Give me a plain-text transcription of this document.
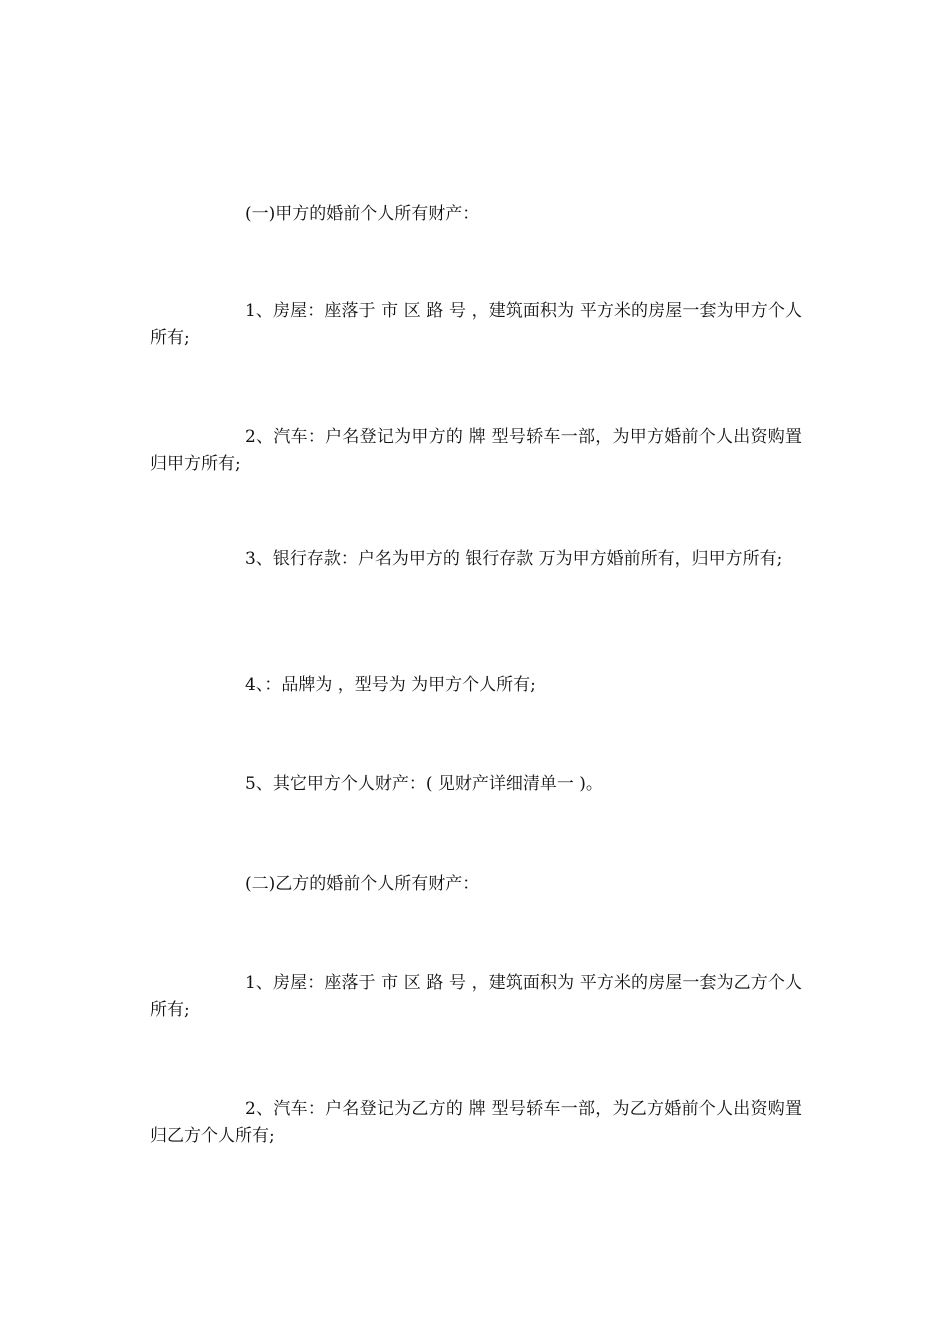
(一)甲方的婚前个人所有财产：

1、房屋：座落于 市 区 路 号 ，建筑面积为 平方米的房屋一套为甲方个人所有;

2、汽车：户名登记为甲方的 牌 型号轿车一部，为甲方婚前个人出资购置归甲方所有;

3、银行存款：户名为甲方的 银行存款 万为甲方婚前所有，归甲方所有;

4、：品牌为 ，型号为 为甲方个人所有;

5、其它甲方个人财产：( 见财产详细清单一 )。

(二)乙方的婚前个人所有财产：

1、房屋：座落于 市 区 路 号 ，建筑面积为 平方米的房屋一套为乙方个人所有;

2、汽车：户名登记为乙方的 牌 型号轿车一部，为乙方婚前个人出资购置归乙方个人所有;
